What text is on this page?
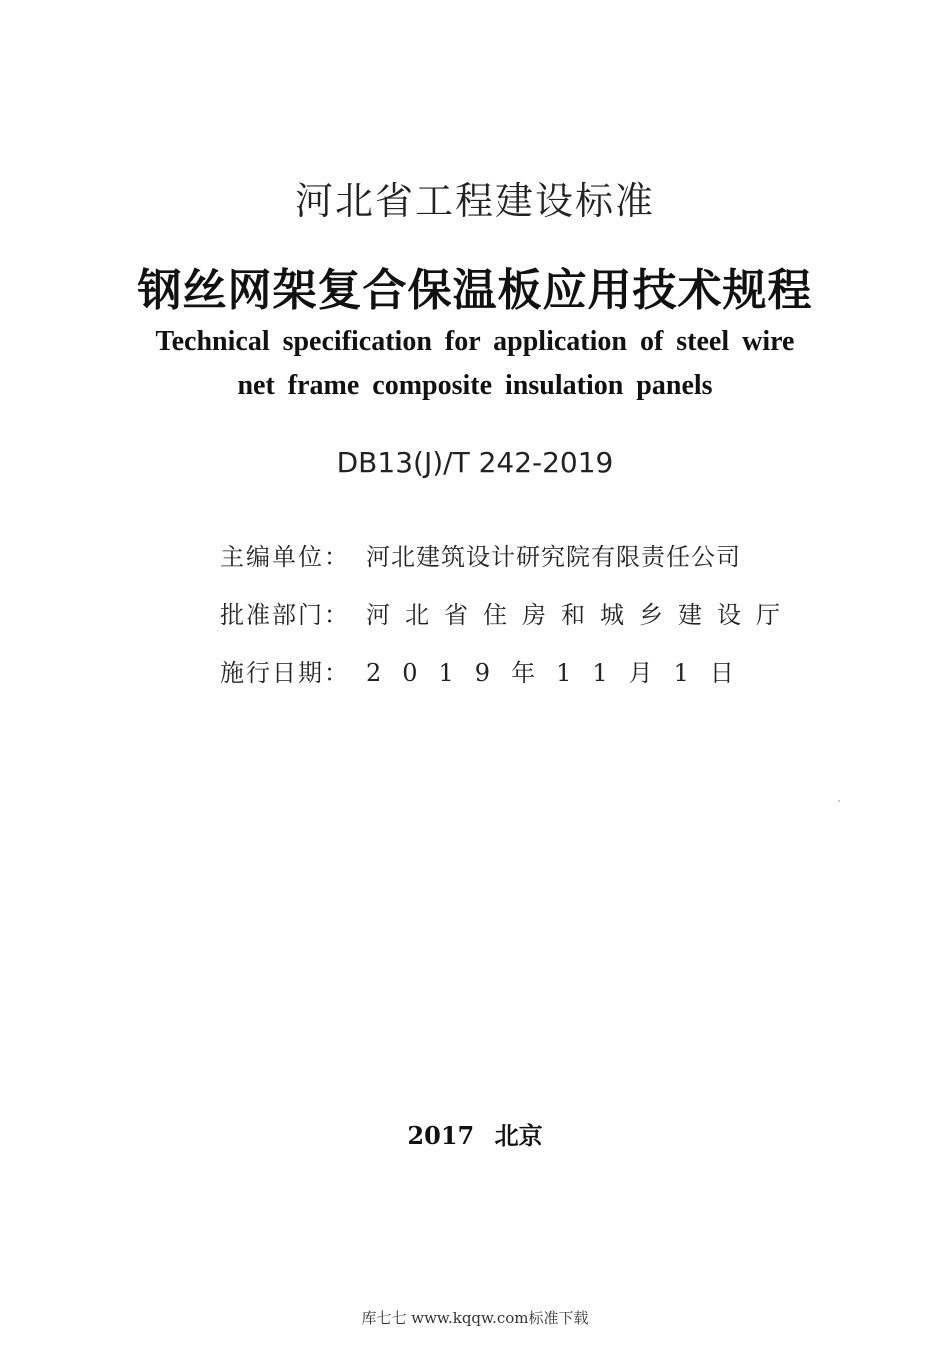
河北省工程建设标准
钢丝网架复合保温板应用技术规程
Technical specification for application of steel wire
net frame composite insulation panels
DB13(J)/T 242-2019
主编单位： 河北建筑设计研究院有限责任公司
批准部门： 河北省住房和城乡建设厅
施行日期： 2019年11月1日
2017 北京
库七七 www.kqqw.com标准下载
